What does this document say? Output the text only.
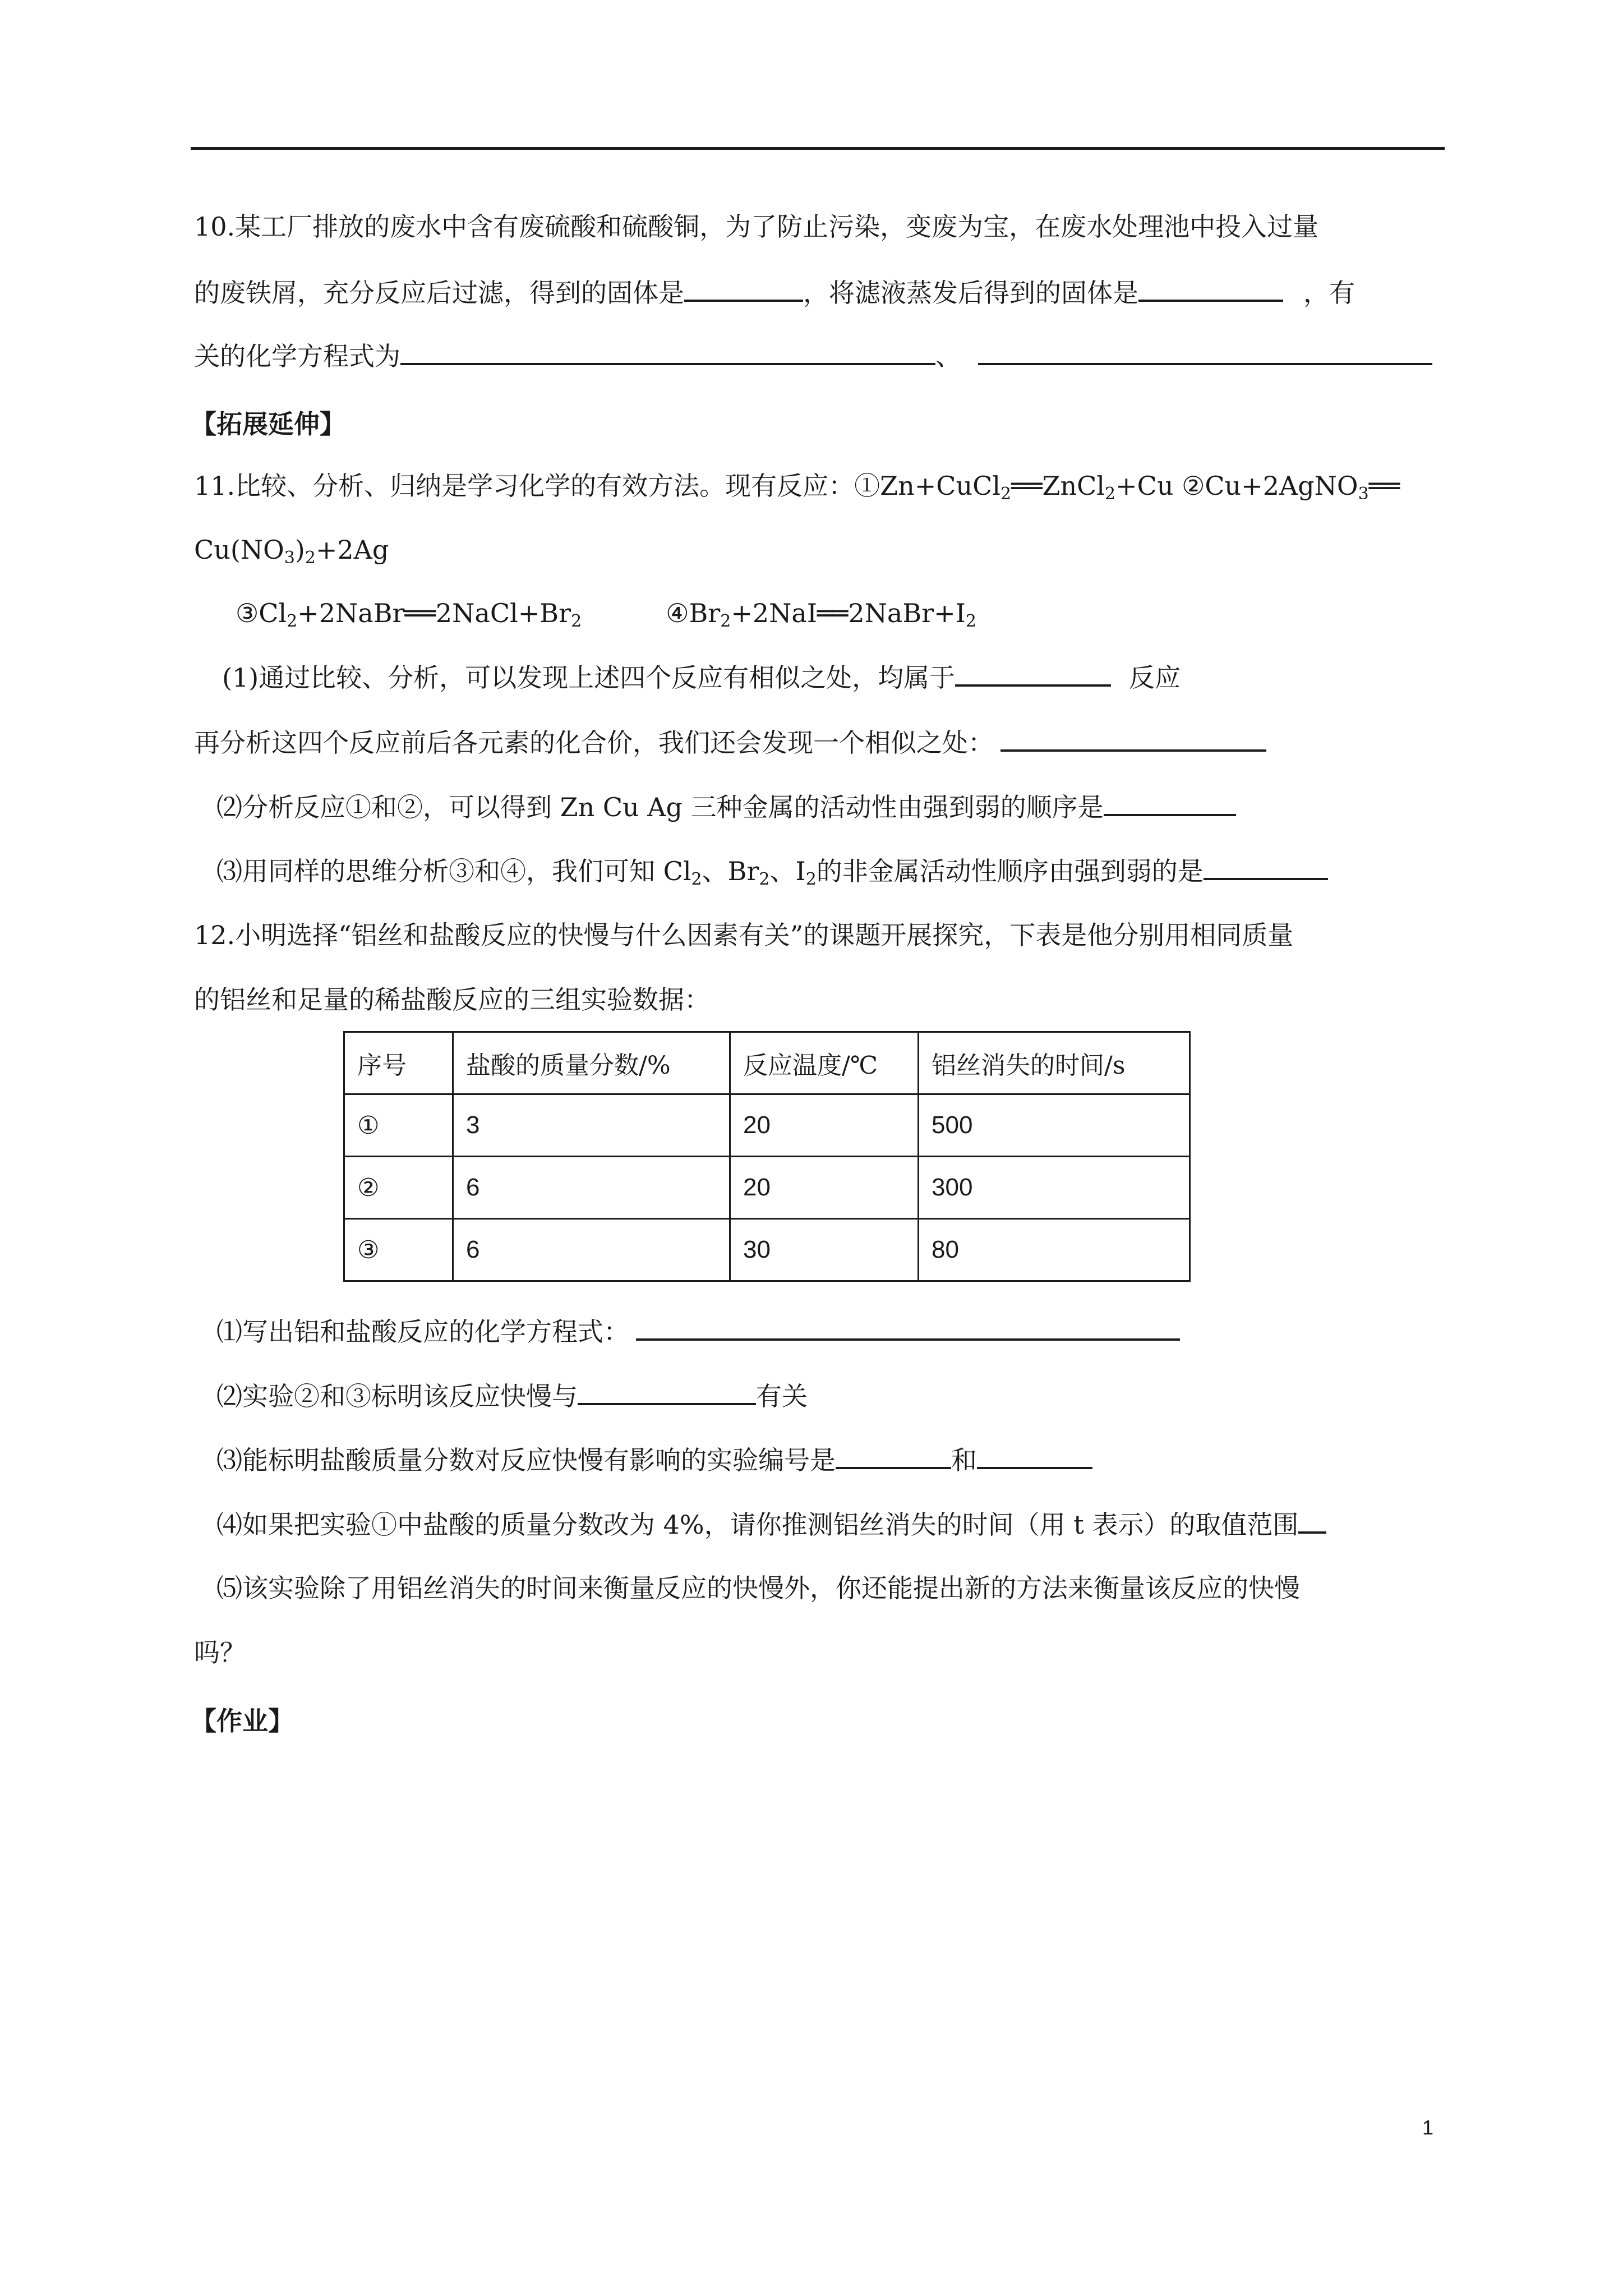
10.某工厂排放的废水中含有废硫酸和硫酸铜，为了防止污染，变废为宝，在废水处理池中投入过量
的废铁屑，充分反应后过滤，得到的固体是	，将滤液蒸发后得到的固体是	，有
关的化学方程式为	、
【拓展延伸】
11.比较、分析、归纳是学习化学的有效方法。现有反应：①Zn+CuCl$_2$══ZnCl$_2$+Cu ②Cu+2AgNO$_3$══
$Cu(NO_3)_2+2Ag$
$③Cl_2+2NaBr══2NaCl+Br_2$	$④Br_2+2NaI══2NaBr+I_2$
(1)通过比较、分析，可以发现上述四个反应有相似之处，均属于	反应
再分析这四个反应前后各元素的化合价，我们还会发现一个相似之处：
⑵分析反应①和②，可以得到 Zn Cu Ag 三种金属的活动性由强到弱的顺序是
⑶用同样的思维分析③和④，我们可知 $Cl_2$、$Br_2$、$I_2$的非金属活动性顺序由强到弱的是
12.小明选择“铝丝和盐酸反应的快慢与什么因素有关”的课题开展探究，下表是他分别用相同质量
的铝丝和足量的稀盐酸反应的三组实验数据：
序号	盐酸的质量分数/%	反应温度/℃	铝丝消失的时间/s
①	3	20	500
②	6	20	300
③	6	30	80
⑴写出铝和盐酸反应的化学方程式：
⑵实验②和③标明该反应快慢与	有关
⑶能标明盐酸质量分数对反应快慢有影响的实验编号是	和
⑷如果把实验①中盐酸的质量分数改为 4%，请你推测铝丝消失的时间（用 t 表示）的取值范围
⑸该实验除了用铝丝消失的时间来衡量反应的快慢外，你还能提出新的方法来衡量该反应的快慢
吗？
【作业】
1
